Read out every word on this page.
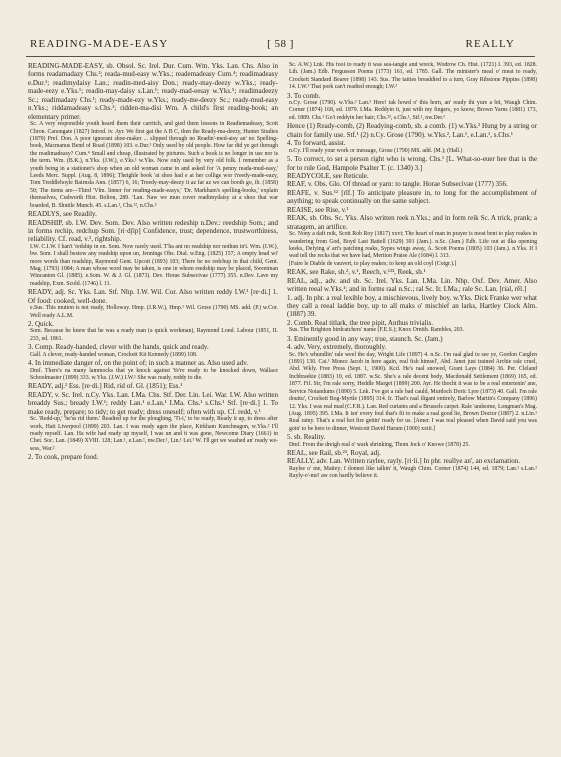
READING-MADE-EASY	[ 58 ]	REALLY

READING-MADE-EASY, sb. Obsol. Sc. Irel. Dur. Cum. Wm. Yks. Lan. Chs. Also in forms readamadazy Chs.²; reada-mud-easy w.Yks.; reademadeasy Cum.⁴; readimadeasy e.Dur.¹; readimydaisy Lan.; readin-med-aisy Don.; ready-may-deezy w.Yks.; ready-made-eezy e.Yks.¹; readin-may-daisy s.Lan.¹; ready-mad-eesay w.Yks.⁵; readimadeezy Sc.; readimadazy Chs.¹; ready-made-ezy w.Yks.; ready-me-deezy Sc.; ready-mud-easy n.Yks.; riddamadeasy s.Chs.¹; ridden-ma-disi Wm. A child's first reading-book; an elementary primer.

Sc. A very responsible youth heard them their carritch, and gied them lessons in Readiemadeasy, Scott Chron. Canongate (1827) Introd. iv. Ayr. We first gat the A B C, then the Ready-ma-deezy, Hunter Studies (1870) Pref. Don. A poor ignorant shoe-maker ... slipped through no Readin'-med-aisy an' no Spelling-book, Macmanus Bend of Road (1898) 103. e.Dur.¹ Only used by old people. How far did ye get through the readimadeasy? Cum.⁴ Small and cheap, illustrated by pictures. Such a book is no longer in use nor is the term. Wm. (B.K.), n.Yks. (J.W.), e.Yks.¹ w.Yks. Now only used by very old folk. I remember as a youth being in a stationer's shop when an old woman came in and asked for 'A penny reada-mud-easy,' Leeds Merc. Suppl. (Aug. 8, 1896); Theighle book 'at shoo had e at her collige wor t'reedy-made-eazy, Tom Treddlehoyle Bairnsla Ann. (1857) 6, 16; Treedy-may-deezy it az far az we can booth go, ib. (1858) 50; The items are—Third 'Vlm. linner for reading-made-easys,' 'Dr. Markham's spelling-books,' explain themselves, Cudworth Hist. Bolton, 289. 'Lan. Naw we mun cover readimydaisy at a shoo that war boarded, B. Shuttle Munch. 45. s.Lan.¹, Chs.¹², n.Chs.³

READLYS, see Readily.

READSHIP, sb. I.W. Dev. Som. Dev. Also written redeship n.Dev.: reedship Som.; and in forms rechip, redchup Som. [ri·dʃip] Confidence, trust; dependence, trustworthiness, reliability. Cf. read, v.², rightship.

I.W. C.I.W. I han't 'redship in en. Som. Now rarely used. T'ha ant no readship nor nothun in't. Wm. (I.W.), bw. Som. I shall bestow any readship upon un, Jennings Obs. Dial. w.Eng. (1825) 157; A empty head wi' more words than readship, Raymond Gent. Upcott (1893) 103; There be no redchup in that child, Gent. Mag. (1793) 1084; A man whose word may be taken, is one in whom reedship may be placed, Sweetman Wincanton Gl. (1885). e.Som. W. & J. Gl. (1873). Dev. Horae Subsecivae (1777) 355. n.Dev. Lave my readship, Exm. Scold. (1746) l. 11.

READY, adj. Sc. Yks. Lan. Stf. Nhp. I.W. Wil. Cor. Also written reddy I.W.¹ [re·di.] 1. Of food: cooked, well-done.

e.Sus. This mutton is not ready, Holloway. Hmp. (J.R.W.), Hmp.¹ Wil. Grose (1790) MS. add. (P.) w.Cor. Well ready A.L.M.

2. Quick.

Som. Because he knew that he was a ready man (a quick workman), Raymond Lond. Labour (1851, II. 233, ed. 1861.

3. Comp. Ready-handed, clever with the hands, quick and ready.

Gall. A clever, ready-handed woman, Crockett Kit Kennedy (1899) 108.

4. In immediate danger of, on the point of; in such a manner as. Also used adv.

Dmf. There's na many lammocks that ye knock against Ye're ready to be knocked down, Wallace Schoolmaster (1899) 333. w.Yks. (J.W.) I.W.¹ She was ready, reddy to die.

READY, adj.² Ess. [re·di.] Rid, rid of. Gl. (1851); Ess.¹

READY, v. Sc. Irel. n.Cy. Yks. Lan. I.Ma. Chs. Stf. Der. Lin. Lei. War. I.W. Also written breaddy Sus.; bready I.W.¹; reddy Lan.¹ e.Lan.¹ I.Ma. Chs.¹ s.Chs.¹ Stf. [re·di.] 1. To make ready, prepare; to tidy; to get ready; dress oneself; often with up. Cf. redd, v.¹

Sc. 'Redd-up,' 'he'ss rid them.' Readied up for the ploughing, 'Ti-i,' to be ready, Ready it up, to dress after work, Hatt Liverpool (1899) 203. Lan. I was ready agen the place, Kirkham Kunchnagon, w.Yks.² I'll ready myself. Lan. Ha wife had ready up myself, I was un and it was gone, Newcome Diary (1661) in Chet. Soc. Lan. (1849) XVIII. 128; Lan.¹, e.Lan.¹, nw.Der.¹, Lin.¹ Lei.¹ W. I'll get we washed an' ready we-sess, War.²

2. To cook, prepare food.

Sc. A.W.) Lnk. His fool to ready it was sea-tangle and wreck, Wodrow Ch. Hist. (1721) I. 393, ed. 1828. Lth. (Jam.) Edb. Fergusson Poems (1773) 161, ed. 1785. Gall. The minister's meal o' meat to ready, Crockett Standard Bearer (1898) 143. Sus. The tatties breaddied to a turn, Gray Ribstone Pippins (1898) 14. I.W.¹ That pork can't readied enough; I.W.²

3. To comb.

n.Cy. Grose (1790). w.Yks.² Lan.³ Here! tak howd o' this horn, an' ready thi yure a bit, Waugh Chim. Corner (1874) 168, ed. 1879. I.Ma. Reddyin it, just with my fingers, yo know, Brown Yarns (1881) 173, ed. 1889. Chs.¹ Go't reddyin her hair; Chs.²³, s.Chs.¹, Stf.¹, nw.Der.¹

Hence (1) Ready-comb, (2) Readying-comb, sb. a comb. (1) w.Yks.² Hung by a string or chain for family use. Stf.¹ (2) n.Cy. Grose (1790). w.Yks.², Lan.¹, e.Lan.¹, s.Chs.¹

4. To forward, assist.

n.Cy. I'll ready your work or message, Grose (1790) MS. add. (M.); (Hall.)

5. To correct, to set a person right who is wrong. Chs.¹ [L. What-so-euer hee that is the for to rule God, Hampole Psalter T. (c. 1340) 3.]

READYCOLE, see Reticule.

REAF, v. Obs. Glo. Of thread or yarn: to tangle. Horae Subsecivae (1777) 356.

REAFE, v. Sus.¹² [rīf.] To anticipate pleasure in, to long for the accomplishment of anything; to speak continually on the same subject.

REAISE, see Rise, v.¹

REAK, sb. Obs. Sc. Yks. Also written reek n.Yks.; and in form reik Sc. A trick, prank; a stratagem, an artifice.

Sc. Nony a daft reik, Scott Rob Roy (1817) xxvi; The heart of man in prayer is most bent to play reakes in wandering from God, Boyd Last Battell (1629) 391 (Jam.). n.Sc. (Jam.) Edb. Life out at ilka opening keeks, Defying a' art's patching reaks, Sypes wings away, A. Scott Poems (1805) 103 (Jam.). n.Yks. If I wad tell the recks that we have had, Meriton Praise Ale (1684) l. 313.

[Faire le Diable de vauvert, to play reakes; to keep an old coyl (Cotgr.).]

REAK, see Rake, sb.², v.¹, Reech, v.¹²³, Reek, sb.¹

REAL, adj., adv. and sb. Sc. Irel. Yks. Lan. I.Ma. Lin. Nhp. Oxf. Dev. Amer. Also written reeal w.Yks.¹; and in forms raal n.Sc.; ral Sc. Ir. I.Ma.; rale Sc. Lan. [rial, rēl.]

1. adj. In phr. a real lexible boy, a mischievous, lively boy. w.Yks. Dick Franke wer what they call a reeal laddie boy, up to all maks o' mischief an larks, Hartley Clock Alm. (1887) 39.

2. Comb. Real titlark, the tree pipit, Anthus trivialis.

Sus. The Brighton birdcatchers' name (F.E.S.); Knox Ornith. Rambles, 203.

3. Eminently good in any way; true, staunch. Sc. (Jam.)

4. adv. Very, extremely, thoroughly.

Sc. He's whundlin' rale weel the day, Wright Life (1897) 4. n.Sc. I'm raal glad to see ye, Gordon Carglen (1891) 130. Cai.¹ Monce Jacob in here again, real fish himsel', Abd. Janet just trained Archie rale cruel, Abd. Wkly. Free Press (Sept. 1, 1900). Kcd. He's raal snowed, Grant Lays (1884) 36. Per. Cleland Inchbraekie (1883) 10, ed. 1887. w.Sc. She's a rale decent body, Macdonald Settlement (1869) 165, ed. 1877. Fif. Sir, I'm rale sorry, Heddle Marget (1899) 200. Ayr. He thocht it was to be a real entertenin' ane, Service Notandums (1890) 5. Lnk. I've got a rale bad cauld, Murdoch Doric Lyre (1873) 40. Gall. I'm rale douttu', Crockett Bog-Myrtle (1895) 314. Ir. That's raal iligant entirely, Barlow Martin's Company (1896) 12. Yks. I was real mad (C.F.R.). Lan. Red curtains and a Brussels carpet. Rale 'andsome, Longman's Mag. (Aug. 1895) 395. I.Ma. It isn' every foul that's fit to make a raal good lie, Brown Doctor (1887) 2. n.Lin.¹ Real rainy. That's a real hot fire gettin' ready for us. [Amer. I was real pleased when David said you was goin' to be here to dinner, Westcott David Harum (1900) xxiii.]

5. sb. Reality.

Dmf. From the dreigh real o' wark shrinking, Thom Jock o' Knowe (1878) 25.

REAL, see Rail, sb.²³, Royal, adj.

REALLY, adv. Lan. Written raylee, rayly. [ri·li.] In phr. reallye an', an exclamation.

Raylee o' me, Mattey; I donnot like talkin' it, Waugh Chim. Corner (1874) 144, ed. 1879; Lan.¹ s.Lan.¹ Rayly-o'-me! aw con hardly believe it.
